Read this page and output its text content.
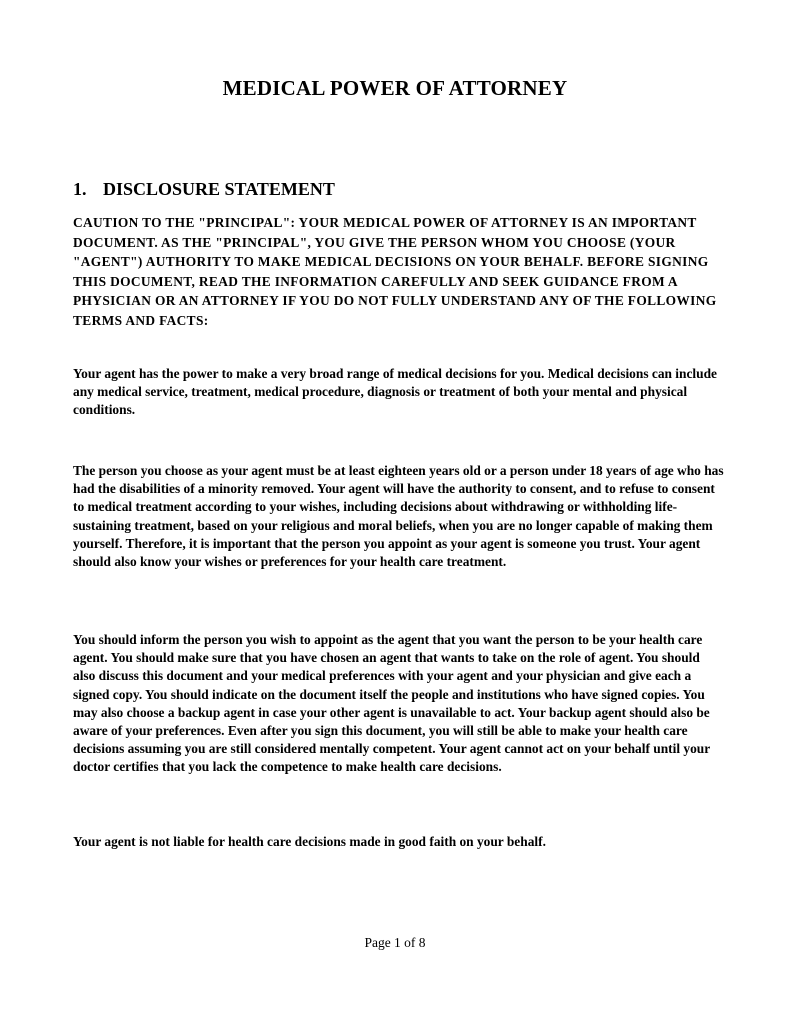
MEDICAL POWER OF ATTORNEY
1. DISCLOSURE STATEMENT

CAUTION TO THE "PRINCIPAL": YOUR MEDICAL POWER OF ATTORNEY IS AN IMPORTANT DOCUMENT. AS THE "PRINCIPAL", YOU GIVE THE PERSON WHOM YOU CHOOSE (YOUR "AGENT") AUTHORITY TO MAKE MEDICAL DECISIONS ON YOUR BEHALF. BEFORE SIGNING THIS DOCUMENT, READ THE INFORMATION CAREFULLY AND SEEK GUIDANCE FROM A PHYSICIAN OR AN ATTORNEY IF YOU DO NOT FULLY UNDERSTAND ANY OF THE FOLLOWING TERMS AND FACTS:

Your agent has the power to make a very broad range of medical decisions for you. Medical decisions can include any medical service, treatment, medical procedure, diagnosis or treatment of both your mental and physical conditions.

The person you choose as your agent must be at least eighteen years old or a person under 18 years of age who has had the disabilities of a minority removed. Your agent will have the authority to consent, and to refuse to consent to medical treatment according to your wishes, including decisions about withdrawing or withholding life-sustaining treatment, based on your religious and moral beliefs, when you are no longer capable of making them yourself. Therefore, it is important that the person you appoint as your agent is someone you trust. Your agent should also know your wishes or preferences for your health care treatment.

You should inform the person you wish to appoint as the agent that you want the person to be your health care agent. You should make sure that you have chosen an agent that wants to take on the role of agent. You should also discuss this document and your medical preferences with your agent and your physician and give each a signed copy. You should indicate on the document itself the people and institutions who have signed copies. You may also choose a backup agent in case your other agent is unavailable to act. Your backup agent should also be aware of your preferences. Even after you sign this document, you will still be able to make your health care decisions assuming you are still considered mentally competent. Your agent cannot act on your behalf until your doctor certifies that you lack the competence to make health care decisions.

Your agent is not liable for health care decisions made in good faith on your behalf.

Page 1 of 8
